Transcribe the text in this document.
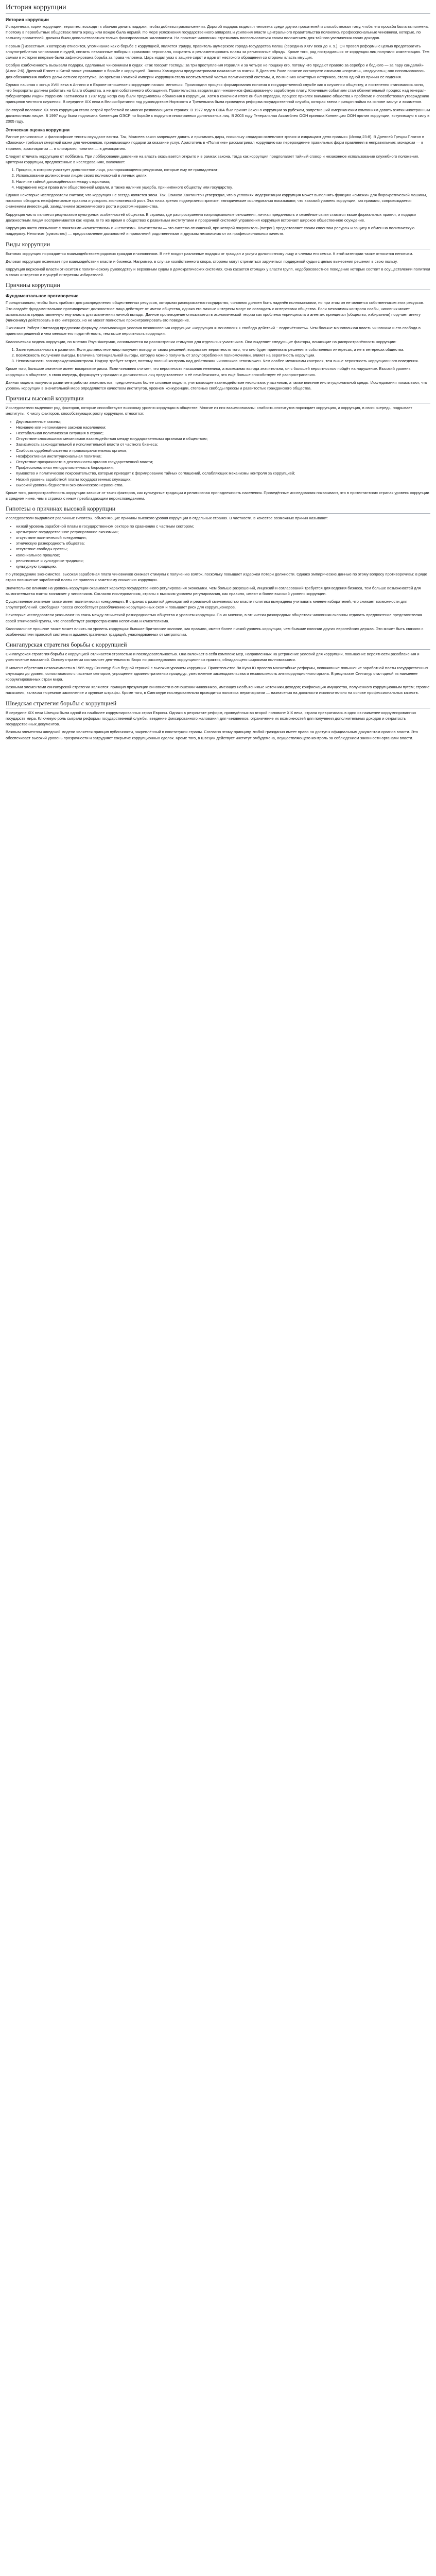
История коррупции
История коррупции

Исторически, корни коррупции, вероятно, восходят к обычаю делать подарки, чтобы добиться расположения. Дорогой подарок выделял человека среди других просителей и способствовал тому, чтобы его просьба была выполнена. Поэтому в первобытных обществах плата жрецу или вождю была нормой. По мере усложнения государственного аппарата и усиления власти центрального правительства появились профессиональные чиновники, которые, по замыслу правителей, должны были довольствоваться только фиксированным жалованием. На практике чиновники стремились воспользоваться своим положением для тайного увеличения своих доходов.

Первым [‬] известным, к которому относится, упоминание как о борьбе с коррупцией, является Уриуру, правитель шумерского города-государства Лагаш (середина XXIV века до н. э.). Он провёл реформы с целью предотвратить злоупотребления чиновников и судей, снизить незаконные поборы с храмового персонала, сократить и регламентировать платы за религиозные обряды. Кроме того, ряд пострадавших от коррупции лиц получили компенсацию. Тем самым в истории впервые была зафиксирована борьба за права человека. Царь издал указ о защите сирот и вдов от жестокого обращения со стороны власть имущих.

Особую озабоченность вызывали подарки, сделанные чиновникам в судах: «Так говорит Господь: за три преступления Израиля и за четыре не пощажу его, потому что продают правого за серебро и бедного — за пару сандалий» (Амос 2:6). Древний Египет и Китай также упоминают о борьбе с коррупцией. Законы Хаммурапи предусматривали наказание за взятки. В Древнем Риме понятие corrumpere означало «портить», «подкупать»; оно использовалось для обозначения любого должностного проступка. Во времена Римской империи коррупция стала неотъемлемой частью политической системы, и, по мнению некоторых историков, стала одной из причин её падения.

Однако начиная с конца XVIII века в Англии и в Европе отношение к коррупции начало меняться. Происходил процесс формирования понятия о государственной службе как о служении обществу, и постепенно становилось ясно, что бюрократы должны работать на благо общества, а не для собственного обогащения. Правительства вводили для чиновников фиксированную заработную плату. Ключевым событием стал обвинительный процесс над генерал-губернатором Индии Уорреном Гастингсом в 1787 году, когда ему были предъявлены обвинения в коррупции. Хотя в конечном итоге он был оправдан, процесс привлёк внимание общества к проблеме и способствовал утверждению принципов честного служения. В середине XIX века в Великобритании под руководством Нортскота и Тревельяна была проведена реформа государственной службы, которая ввела принцип найма на основе заслуг и экзаменов.

Во второй половине XX века коррупция стала острой проблемой во многих развивающихся странах. В 1977 году в США был принят Закон о коррупции за рубежом, запретивший американским компаниям давать взятки иностранным должностным лицам. В 1997 году была подписана Конвенция ОЭСР по борьбе с подкупом иностранных должностных лиц. В 2003 году Генеральная Ассамблея ООН приняла Конвенцию ООН против коррупции, вступившую в силу в 2005 году.

Этическая оценка коррупции

Ранние религиозные и философские тексты осуждают взятки. Так, Моисеев закон запрещает давать и принимать дары, поскольку «подарки ослепляют зрячих и извращают дело правых» (Исход 23:8). В Древней Греции Платон в «Законах» требовал смертной казни для чиновников, принимающих подарки за оказание услуг. Аристотель в «Политике» рассматривал коррупцию как перерождение правильных форм правления в неправильные: монархии — в тиранию, аристократии — в олигархию, политии — в демократию.

Следует отличать коррупцию от лоббизма. При лоббировании давление на власть оказывается открыто и в рамках закона, тогда как коррупция предполагает тайный сговор и незаконное использование служебного положения. Критерии коррупции, предложенные в исследованиях, включают:

1. Процесс, в котором участвует должностное лицо, распоряжающееся ресурсами, которые ему не принадлежат;
2. Использование должностным лицом своих полномочий в личных целях;
3. Наличие тайной договорённости между сторонами;
4. Нарушение норм права или общественной морали, а также наличие ущерба, причинённого обществу или государству.

Однако некоторые исследователи считают, что коррупция не всегда является злом. Так, Сэмюэл Хантингтон утверждал, что в условиях модернизации коррупция может выполнять функцию «смазки» для бюрократической машины, позволяя обходить неэффективные правила и ускорять экономический рост. Эта точка зрения подвергается критике: эмпирические исследования показывают, что высокий уровень коррупции, как правило, сопровождается снижением инвестиций, замедлением экономического роста и ростом неравенства.

Коррупция часто является результатом культурных особенностей общества. В странах, где распространены патриархальные отношения, личная преданность и семейные связи ставятся выше формальных правил, и подарки должностным лицам воспринимаются как норма. В то же время в обществах с развитыми институтами и прозрачной системой управления коррупция встречает широкое общественное осуждение.

Коррупцию часто связывают с понятиями «клиентелизм» и «непотизм». Клиентелизм — это система отношений, при которой покровитель (патрон) предоставляет своим клиентам ресурсы и защиту в обмен на политическую поддержку. Непотизм (кумовство) — предоставление должностей и привилегий родственникам и друзьям независимо от их профессиональных качеств.

Виды коррупции

Бытовая коррупция порождается взаимодействием рядовых граждан и чиновников. В неё входят различные подарки от граждан и услуги должностному лицу и членам его семьи. К этой категории также относится непотизм.

Деловая коррупция возникает при взаимодействии власти и бизнеса. Например, в случае хозяйственного спора, стороны могут стремиться заручиться поддержкой судьи с целью вынесения решения в свою пользу.

Коррупция верховной власти относится к политическому руководству и верховным судам в демократических системах. Она касается стоящих у власти групп, недобросовестное поведение которых состоит в осуществлении политики в своих интересах и в ущерб интересам избирателей.

Причины коррупции
Фундаментальное противоречие

Принципиально, чтобы быть «рабом» для распределения общественных ресурсов, которыми распоряжается государство, чиновник должен быть наделён полномочиями, но при этом он не является собственником этих ресурсов. Это создаёт фундаментальное противоречие: должностное лицо действует от имени общества, однако его личные интересы могут не совпадать с интересами общества. Если механизмы контроля слабы, чиновник может использовать предоставленную ему власть для извлечения личной выгоды. Данное противоречие описывается в экономической теории как проблема «принципала и агента»: принципал (общество, избиратели) поручает агенту (чиновнику) действовать в его интересах, но не может полностью проконтролировать его поведение.

Экономист Роберт Клитгаард предложил формулу, описывающую условия возникновения коррупции: «коррупция = монополия + свобода действий − подотчётность». Чем больше монопольная власть чиновника и его свобода в принятии решений и чем меньше его подотчётность, тем выше вероятность коррупции.

Классическая модель коррупции, по мнению Роуз-Аккерман, основывается на рассмотрении стимулов для отдельных участников. Она выделяет следующие факторы, влияющие на распространённость коррупции:

1. Заинтересованность в развитии. Если должностное лицо получает выгоду от своих решений, возрастает вероятность того, что оно будет принимать решения в собственных интересах, а не в интересах общества.
2. Возможность получения выгоды. Величина потенциальной выгоды, которую можно получить от злоупотребления полномочиями, влияет на вероятность коррупции.
3. Невозможность вознаграждения/контроля. Надзор требует затрат, поэтому полный контроль над действиями чиновников невозможен. Чем слабее механизмы контроля, тем выше вероятность коррупционного поведения.

Кроме того, большое значение имеет восприятие риска. Если чиновник считает, что вероятность наказания невелика, а возможная выгода значительна, он с большей вероятностью пойдёт на нарушение. Высокий уровень коррупции в обществе, в свою очередь, формирует у граждан и должностных лиц представление о её неизбежности, что ещё больше способствует её распространению.

Данная модель получила развитие в работах экономистов, предложивших более сложные модели, учитывающие взаимодействие нескольких участников, а также влияние институциональной среды. Исследования показывают, что уровень коррупции в значительной мере определяется качеством институтов, уровнем конкуренции, степенью свободы прессы и развитостью гражданского общества.

Причины высокой коррупции

Исследователи выделяют ряд факторов, которые способствуют высокому уровню коррупции в обществе. Многие из них взаимосвязаны: слабость институтов порождает коррупцию, а коррупция, в свою очередь, подрывает институты. К числу факторов, способствующих росту коррупции, относятся:

• Двусмысленные законы;
• Незнание или непонимание законов населением;
• Нестабильная политическая ситуация в стране;
• Отсутствие сложившихся механизмов взаимодействия между государственными органами и обществом;
• Зависимость законодательной и исполнительной власти от частного бизнеса;
• Слабость судебной системы и правоохранительных органов;
• Неэффективная институциональная политика;
• Отсутствие прозрачности в деятельности органов государственной власти;
• Профессиональная неподготовленность бюрократии;
• Кумовство и политическое покровительство, которые приводят к формированию тайных соглашений, ослабляющих механизмы контроля за коррупцией;
• Низкий уровень заработной платы государственных служащих;
• Высокий уровень бедности и экономического неравенства.

Кроме того, распространённость коррупции зависит от таких факторов, как культурные традиции и религиозная принадлежность населения. Проведённые исследования показывают, что в протестантских странах уровень коррупции в среднем ниже, чем в странах с иным преобладающим вероисповеданием.

Гипотезы о причинах высокой коррупции

Исследователи выдвигают различные гипотезы, объясняющие причины высокого уровня коррупции в отдельных странах. В частности, в качестве возможных причин называют:

• низкий уровень заработной платы в государственном секторе по сравнению с частным сектором;
• чрезмерное государственное регулирование экономики;
• отсутствие политической конкуренции;
• этническую разнородность общества;
• отсутствие свободы прессы;
• колониальное прошлое;
• религиозные и культурные традиции;
• культурную традицию.

По утверждению экономистов, высокая заработная плата чиновников снижает стимулы к получению взяток, поскольку повышает издержки потери должности. Однако эмпирические данные по этому вопросу противоречивы: в ряде стран повышение заработной платы не привело к заметному снижению коррупции.

Значительное влияние на уровень коррупции оказывает характер государственного регулирования экономики. Чем больше разрешений, лицензий и согласований требуется для ведения бизнеса, тем больше возможностей для вымогательства взяток возникает у чиновников. Согласно исследованиям, страны с высоким уровнем регулирования, как правило, имеют и более высокий уровень коррупции.

Существенное значение также имеет политическая конкуренция. В странах с развитой демократией и реальной сменяемостью власти политики вынуждены учитывать мнение избирателей, что снижает возможности для злоупотреблений. Свободная пресса способствует разоблачению коррупционных схем и повышает риск для коррупционеров.

Некоторые исследователи указывают на связь между этнической разнородностью общества и уровнем коррупции. По их мнению, в этнически разнородных обществах чиновники склонны отдавать предпочтение представителям своей этнической группы, что способствует распространению непотизма и клиентелизма.

Колониальное прошлое также может влиять на уровень коррупции: бывшие британские колонии, как правило, имеют более низкий уровень коррупции, чем бывшие колонии других европейских держав. Это может быть связано с особенностями правовой системы и административных традиций, унаследованных от метрополии.

Сингапурская стратегия борьбы с коррупцией

Сингапурская стратегия борьбы с коррупцией отличается строгостью и последовательностью. Она включает в себя комплекс мер, направленных на устранение условий для коррупции, повышение вероятности разоблачения и ужесточение наказаний. Основу стратегии составляет деятельность Бюро по расследованию коррупционных практик, обладающего широкими полномочиями.

В момент обретения независимости в 1965 году Сингапур был бедной страной с высоким уровнем коррупции. Правительство Ли Куан Ю провело масштабные реформы, включавшие повышение заработной платы государственных служащих до уровня, сопоставимого с частным сектором, упрощение административных процедур, ужесточение законодательства и независимость антикоррупционного органа. В результате Сингапур стал одной из наименее коррумпированных стран мира.

Важными элементами сингапурской стратегии являются: принцип презумпции виновности в отношении чиновников, имеющих необъяснимые источники доходов; конфискация имущества, полученного коррупционным путём; строгие наказания, включая тюремное заключение и крупные штрафы. Кроме того, в Сингапуре последовательно проводится политика меритократии — назначения на должности исключительно на основе профессиональных качеств.

Шведская стратегия борьбы с коррупцией

В середине XIX века Швеция была одной из наиболее коррумпированных стран Европы. Однако в результате реформ, проведённых во второй половине XIX века, страна превратилась в одно из наименее коррумпированных государств мира. Ключевую роль сыграли реформы государственной службы, введение фиксированного жалования для чиновников, ограничение их возможностей для получения дополнительных доходов и открытость государственных документов.

Важным элементом шведской модели является принцип публичности, закреплённый в конституции страны. Согласно этому принципу, любой гражданин имеет право на доступ к официальным документам органов власти. Это обеспечивает высокий уровень прозрачности и затрудняет сокрытие коррупционных сделок. Кроме того, в Швеции действует институт омбудсмена, осуществляющего контроль за соблюдением законности органами власти.
